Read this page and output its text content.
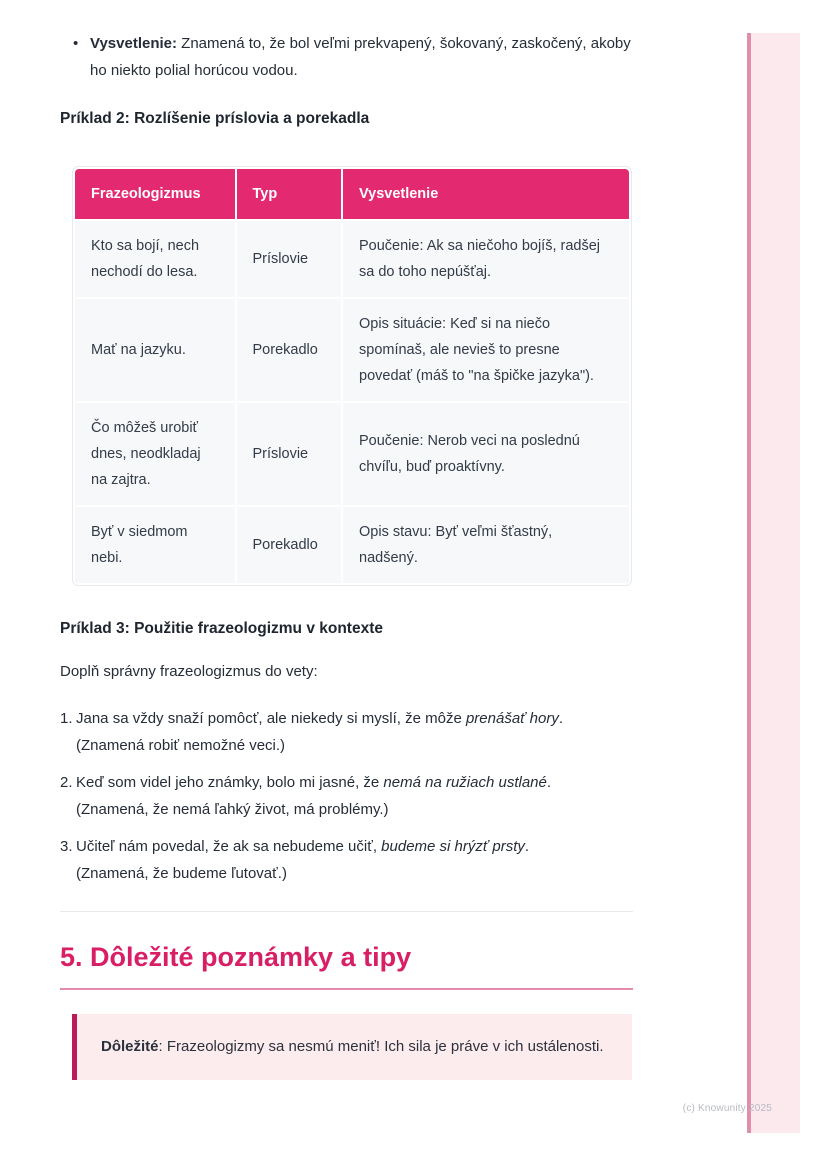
• Vysvetlenie: Znamená to, že bol veľmi prekvapený, šokovaný, zaskočený, akoby ho niekto polial horúcou vodou.
Príklad 2: Rozlíšenie príslovia a porekadla
Frazeologizmus	Typ	Vysvetlenie
Kto sa bojí, nech nechodí do lesa.	Príslovie	Poučenie: Ak sa niečoho bojíš, radšej sa do toho nepúšťaj.
Mať na jazyku.	Porekadlo	Opis situácie: Keď si na niečo spomínaš, ale nevieš to presne povedať (máš to "na špičke jazyka").
Čo môžeš urobiť dnes, neodkladaj na zajtra.	Príslovie	Poučenie: Nerob veci na poslednú chvíľu, buď proaktívny.
Byť v siedmom nebi.	Porekadlo	Opis stavu: Byť veľmi šťastný, nadšený.
Príklad 3: Použitie frazeologizmu v kontexte

Doplň správny frazeologizmus do vety:

1. Jana sa vždy snaží pomôcť, ale niekedy si myslí, že môže prenášať hory.
(Znamená robiť nemožné veci.)
2. Keď som videl jeho známky, bolo mi jasné, že nemá na ružiach ustlané.
(Znamená, že nemá ľahký život, má problémy.)
3. Učiteľ nám povedal, že ak sa nebudeme učiť, budeme si hrýzť prsty.
(Znamená, že budeme ľutovať.)
5. Dôležité poznámky a tipy
Dôležité: Frazeologizmy sa nesmú meniť! Ich sila je práve v ich ustálenosti.
(c) Knowunity 2025
